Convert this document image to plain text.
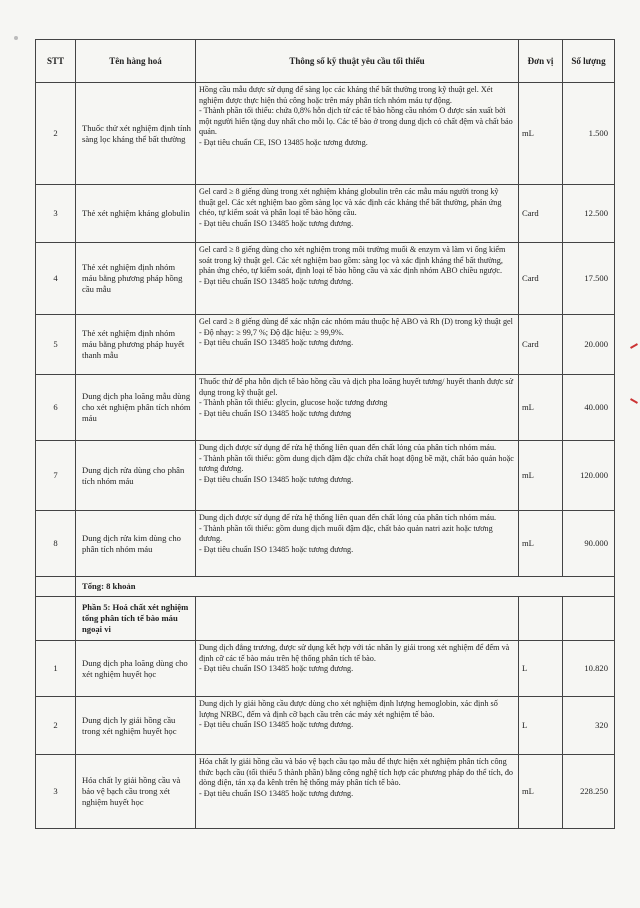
STT	Tên hàng hoá	Thông số kỹ thuật yêu cầu tối thiểu	Đơn vị	Số lượng
2	Thuốc thử xét nghiệm định tính sàng lọc kháng thể bất thường	Hồng cầu mẫu được sử dụng để sàng lọc các kháng thể bất thường trong kỹ thuật gel. Xét nghiệm được thực hiện thủ công hoặc trên máy phân tích nhóm máu tự động.
- Thành phần tối thiểu: chứa 0,8% hỗn dịch từ các tế bào hồng cầu nhóm O được sản xuất bởi một người hiến tặng duy nhất cho mỗi lọ. Các tế bào ở trong dung dịch có chất đệm và chất bảo quản.
- Đạt tiêu chuẩn CE, ISO 13485 hoặc tương đương.	mL	1.500
3	Thẻ xét nghiệm kháng globulin	Gel card ≥ 8 giếng dùng trong xét nghiệm kháng globulin trên các mẫu máu người trong kỹ thuật gel. Các xét nghiệm bao gồm sàng lọc và xác định các kháng thể bất thường, phản ứng chéo, tự kiểm soát và phân loại tế bào hồng cầu.
- Đạt tiêu chuẩn ISO 13485 hoặc tương đương.	Card	12.500
4	Thẻ xét nghiệm định nhóm máu bằng phương pháp hồng cầu mẫu	Gel card ≥ 8 giếng dùng cho xét nghiệm trong môi trường muối & enzym và làm vi ống kiểm soát trong kỹ thuật gel. Các xét nghiệm bao gồm: sàng lọc và xác định kháng thể bất thường, phản ứng chéo, tự kiểm soát, định loại tế bào hồng cầu và xác định nhóm ABO chiều ngược.
- Đạt tiêu chuẩn ISO 13485 hoặc tương đương.	Card	17.500
5	Thẻ xét nghiệm định nhóm máu bằng phương pháp huyết thanh mẫu	Gel card ≥ 8 giếng dùng để xác nhận các nhóm máu thuộc hệ ABO và Rh (D) trong kỹ thuật gel
- Độ nhạy: ≥ 99,7 %; Độ đặc hiệu: ≥ 99,9%.
- Đạt tiêu chuẩn ISO 13485 hoặc tương đương.	Card	20.000
6	Dung dịch pha loãng mẫu dùng cho xét nghiệm phân tích nhóm máu	Thuốc thử để pha hỗn dịch tế bào hồng cầu và dịch pha loãng huyết tương/ huyết thanh được sử dụng trong kỹ thuật gel.
- Thành phần tối thiểu: glycin, glucose hoặc tương đương
- Đạt tiêu chuẩn ISO 13485 hoặc tương đương	mL	40.000
7	Dung dịch rửa dùng cho phân tích nhóm máu	Dung dịch được sử dụng để rửa hệ thống liên quan đến chất lỏng của phân tích nhóm máu.
- Thành phần tối thiểu: gồm dung dịch đậm đặc chứa chất hoạt động bề mặt, chất bảo quản hoặc tương đương.
- Đạt tiêu chuẩn ISO 13485 hoặc tương đương.	mL	120.000
8	Dung dịch rửa kim dùng cho phân tích nhóm máu	Dung dịch được sử dụng để rửa hệ thống liên quan đến chất lỏng của phân tích nhóm máu.
- Thành phần tối thiểu: gồm dung dịch muối đậm đặc, chất bảo quản natri azit hoặc tương đương.
- Đạt tiêu chuẩn ISO 13485 hoặc tương đương.	mL	90.000
	Tổng: 8 khoản			
	Phần 5: Hoá chất xét nghiệm tổng phân tích tế bào máu ngoại vi			
1	Dung dịch pha loãng dùng cho xét nghiệm huyết học	Dung dịch đẳng trương, được sử dụng kết hợp với tác nhân ly giải trong xét nghiệm để đếm và định cỡ các tế bào máu trên hệ thống phân tích tế bào.
- Đạt tiêu chuẩn ISO 13485 hoặc tương đương.	L	10.820
2	Dung dịch ly giải hồng cầu trong xét nghiệm huyết học	Dung dịch ly giải hồng cầu được dùng cho xét nghiệm định lượng hemoglobin, xác định số lượng NRBC, đếm và định cỡ bạch cầu trên các máy xét nghiệm tế bào.
- Đạt tiêu chuẩn ISO 13485 hoặc tương đương.	L	320
3	Hóa chất ly giải hồng cầu và bảo vệ bạch cầu trong xét nghiệm huyết học	Hóa chất ly giải hồng cầu và bảo vệ bạch cầu tạo mẫu để thực hiện xét nghiệm phân tích công thức bạch cầu (tối thiểu 5 thành phần) bằng công nghệ tích hợp các phương pháp đo thể tích, đo dòng điện, tán xạ đa kênh trên hệ thống máy phân tích tế bào.
- Đạt tiêu chuẩn ISO 13485 hoặc tương đương.	mL	228.250
